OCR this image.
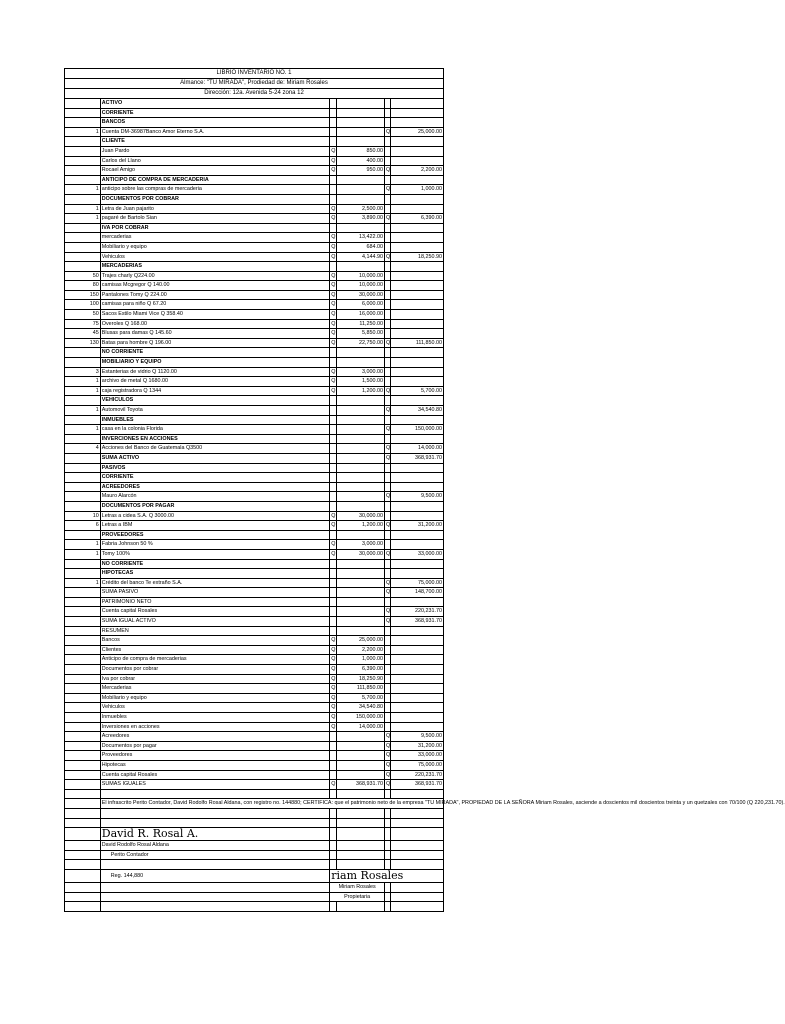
LIBRIO INVENTARIO NO. 1
Almance: "TU MIRADA", Prodiedad de: Miriam Rosales
Dirección: 12a. Avenida 5-24 zona 12
	ACTIVO				
	CORRIENTE				
	BANCOS				
1	Cuenta DM-36987Banco Amor Eterno S.A.			Q	25,000.00
	CLIENTE				
	Juan Pardo	Q	850.00		
	Carlos del Llano	Q	400.00		
	Rocael Amigo	Q	950.00	Q	2,200.00
	ANTICIPO DE COMPRA DE MERCADERIA				
1	anticipo sobre las compras de mercaderia			Q	1,000.00
	DOCUMENTOS POR COBRAR				
1	Letra de Juan pajarito	Q	2,500.00		
1	pagaré de Bartolo Sian	Q	3,890.00	Q	6,390.00
	IVA POR COBRAR				
	mercaderias	Q	13,422.00		
	Mobiliario y equipo	Q	684.00		
	Vehiculos	Q	4,144.90	Q	18,250.90
	MERCADERIAS				
50	Trajes charly Q224.00	Q	10,000.00		
80	camisas Mcgregor Q 140.00	Q	10,000.00		
150	Pantalones Tomy Q 224.00	Q	30,000.00		
100	camisas para niño Q 67.20	Q	6,000.00		
50	Sacos Estilo Miami Vice Q 358.40	Q	16,000.00		
75	Overoles Q 168.00	Q	11,250.00		
45	Blusas para damas Q 145.60	Q	5,850.00		
130	Batas para hombre Q 196.00	Q	22,750.00	Q	111,850.00
	NO CORRIENTE				
	MOBILIARIO Y EQUIPO				
3	Estanterias de vidrio Q 1120.00	Q	3,000.00		
1	archivo de metal Q 1680.00	Q	1,500.00		
1	caja registradora Q 1344	Q	1,200.00	Q	5,700.00
	VEHICULOS				
1	Automovil Toyota			Q	34,540.80
	INMUEBLES				
1	casa en la colonia Florida			Q	150,000.00
	INVERCIONES EN ACCIONES				
4	Acciones del Banco de Guatemala Q3500			Q	14,000.00
	SUMA ACTIVO			Q	368,931.70
	PASIVOS				
	CORRIENTE				
	ACREEDORES				
	Mauro Alarcón			Q	9,500.00
	DOCUMENTOS POR PAGAR				
10	Letras a cidea S.A. Q 3000.00	Q	30,000.00		
6	Letras a IBM	Q	1,200.00	Q	31,200.00
	PROVEEDORES				
1	Fabria Johnson 50 %	Q	3,000.00		
1	Tomy 100%	Q	30,000.00	Q	33,000.00
	NO CORRIENTE				
	HIPOTECAS				
1	Crédito del banco Te extraño S.A.			Q	75,000.00
	SUMA PASIVO			Q	148,700.00
	PATRIMONIO NETO				
	Cuenta capital Rosales			Q	220,231.70
	SUMA IGUAL ACTIVO			Q	368,931.70
	RESUMEN				
	Bancos	Q	25,000.00		
	Clientes	Q	2,200.00		
	Anticipo de compra de mercaderias	Q	1,000.00		
	Documentos por cobrar	Q	6,390.00		
	Iva por cobrar	Q	18,250.90		
	Mercaderias	Q	111,850.00		
	Mobiliario y equipo	Q	5,700.00		
	Vehiculos	Q	34,540.80		
	Inmuebles	Q	150,000.00		
	Inversiones en acciones	Q	14,000.00		
	Acreedores			Q	9,500.00
	Documentos por pagar			Q	31,200.00
	Proveedores			Q	33,000.00
	Hipotecas			Q	75,000.00
	Cuenta capital Rosales			Q	220,231.70
	SUMAS IGUALES	Q	368,931.70	Q	368,931.70

	El infrascrito Perito Contador, David Rodolfo Rosal Aldana, con registro no. 144880; CERTIFICA: que el patrimonio neto de la empresa "TU MIRADA", PROPIEDAD DE LA SEÑORA Miriam Rosales, asciende a doscientos mil doscientos treinta y un quetzales con 70/100 (Q 220,231.70).				

	David R. Rosal A.				
	David Rodolfo Rosal Aldana				
	Perito Contador				

	Reg. 144,880	riam Rosales			
		Miriam Rosales			
		Propietaria			
